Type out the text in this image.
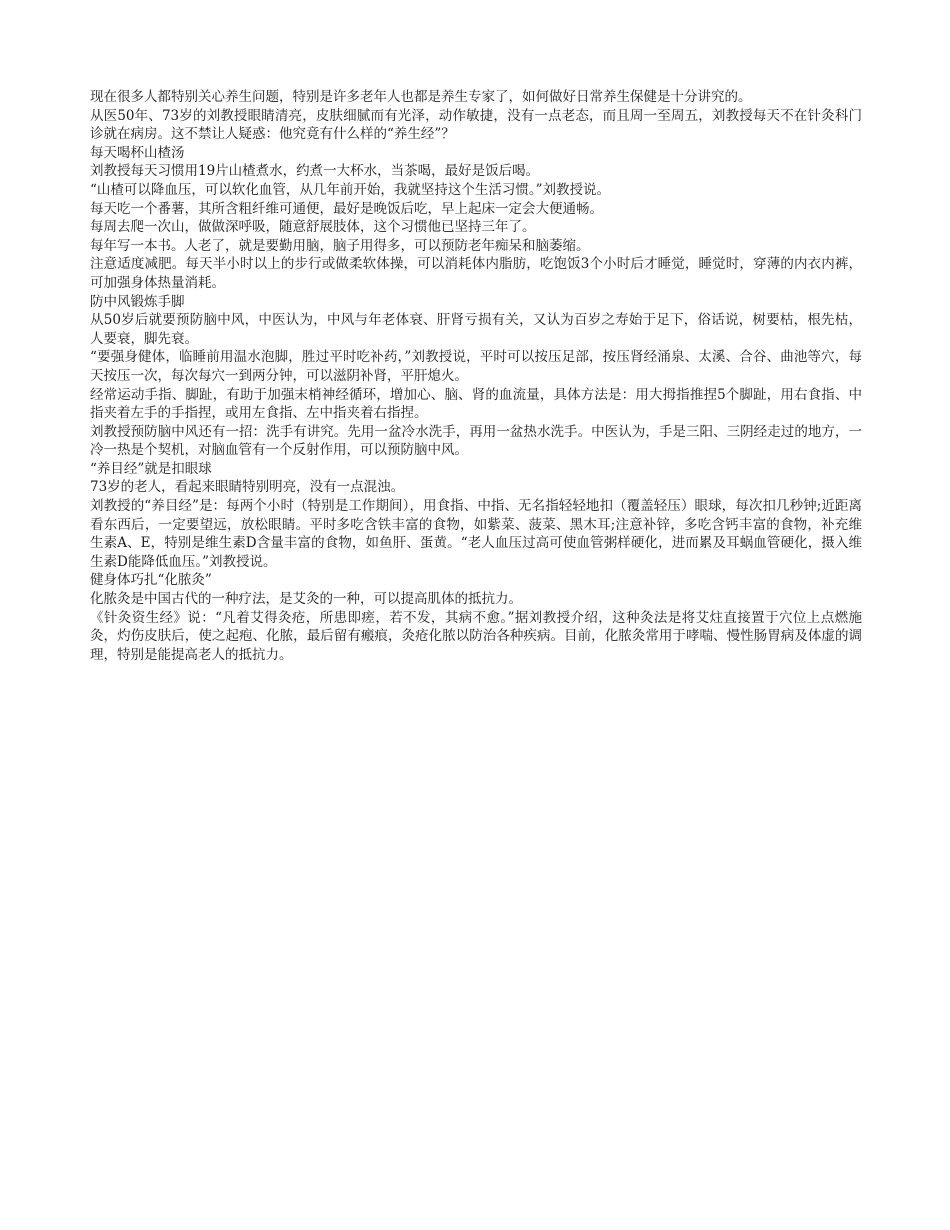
现在很多人都特别关心养生问题，特别是许多老年人也都是养生专家了，如何做好日常养生保健是十分讲究的。

从医50年、73岁的刘教授眼睛清亮，皮肤细腻而有光泽，动作敏捷，没有一点老态，而且周一至周五，刘教授每天不在针灸科门诊就在病房。这不禁让人疑惑：他究竟有什么样的“养生经”？

每天喝杯山楂汤

刘教授每天习惯用19片山楂煮水，约煮一大杯水，当茶喝，最好是饭后喝。

“山楂可以降血压，可以软化血管，从几年前开始，我就坚持这个生活习惯。”刘教授说。

每天吃一个番薯，其所含粗纤维可通便，最好是晚饭后吃，早上起床一定会大便通畅。

每周去爬一次山，做做深呼吸，随意舒展肢体，这个习惯他已坚持三年了。

每年写一本书。人老了，就是要勤用脑，脑子用得多，可以预防老年痴呆和脑萎缩。

注意适度减肥。每天半小时以上的步行或做柔软体操，可以消耗体内脂肪，吃饱饭3个小时后才睡觉，睡觉时，穿薄的内衣内裤，可加强身体热量消耗。

防中风锻炼手脚

从50岁后就要预防脑中风，中医认为，中风与年老体衰、肝肾亏损有关，又认为百岁之寿始于足下，俗话说，树要枯，根先枯，人要衰，脚先衰。

“要强身健体，临睡前用温水泡脚，胜过平时吃补药，”刘教授说，平时可以按压足部，按压肾经涌泉、太溪、合谷、曲池等穴，每天按压一次，每次每穴一到两分钟，可以滋阴补肾，平肝熄火。

经常运动手指、脚趾，有助于加强末梢神经循环，增加心、脑、肾的血流量，具体方法是：用大拇指推捏5个脚趾，用右食指、中指夹着左手的手指捏，或用左食指、左中指夹着右指捏。

刘教授预防脑中风还有一招：洗手有讲究。先用一盆冷水洗手，再用一盆热水洗手。中医认为，手是三阳、三阴经走过的地方，一冷一热是个契机，对脑血管有一个反射作用，可以预防脑中风。

“养目经”就是扣眼球

73岁的老人，看起来眼睛特别明亮，没有一点混浊。

刘教授的“养目经”是：每两个小时（特别是工作期间），用食指、中指、无名指轻轻地扣（覆盖轻压）眼球，每次扣几秒钟;近距离看东西后，一定要望远，放松眼睛。平时多吃含铁丰富的食物，如紫菜、菠菜、黑木耳;注意补锌，多吃含钙丰富的食物，补充维生素A、E，特别是维生素D含量丰富的食物，如鱼肝、蛋黄。“老人血压过高可使血管粥样硬化，进而累及耳蜗血管硬化，摄入维生素D能降低血压。”刘教授说。

健身体巧扎“化脓灸”

化脓灸是中国古代的一种疗法，是艾灸的一种，可以提高肌体的抵抗力。

《针灸资生经》说：“凡着艾得灸疮，所患即瘥，若不发，其病不愈。”据刘教授介绍，这种灸法是将艾炷直接置于穴位上点燃施灸，灼伤皮肤后，使之起疱、化脓，最后留有瘢痕，灸疮化脓以防治各种疾病。目前，化脓灸常用于哮喘、慢性肠胃病及体虚的调理，特别是能提高老人的抵抗力。
